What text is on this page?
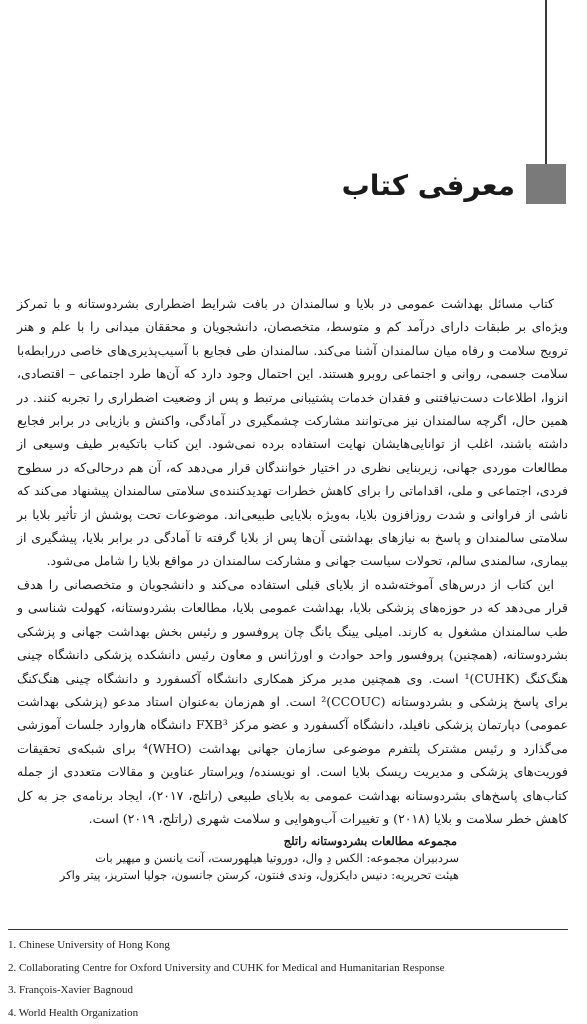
معرفی کتاب

کتاب مسائل بهداشت عمومی در بلایا و سالمندان در بافت شرایط اضطراری بشردوستانه و با تمرکز ویژه‌ای بر طبقات دارای درآمد کم و متوسط، متخصصان، دانشجویان و محققان میدانی را با علم و هنر ترویج سلامت و رفاه میان سالمندان آشنا می‌کند. سالمندان طی فجایع با آسیب‌پذیری‌های خاصی دررابطه‌با سلامت جسمی، روانی و اجتماعی روبرو هستند. این احتمال وجود دارد که آن‌ها طرد اجتماعی – اقتصادی، انزوا، اطلاعات دست‌نیافتنی و فقدان خدمات پشتیبانی مرتبط و پس از وضعیت اضطراری را تجربه کنند. در همین حال، اگرچه سالمندان نیز می‌توانند مشارکت چشمگیری در آمادگی، واکنش و بازیابی در برابر فجایع داشته باشند، اغلب از توانایی‌هایشان نهایت استفاده برده نمی‌شود. این کتاب باتکیه‌بر طیف وسیعی از مطالعات موردی جهانی، زیربنایی نظری در اختیار خوانندگان قرار می‌دهد که، آن هم درحالی‌که در سطوح فردی، اجتماعی و ملی، اقداماتی را برای کاهش خطرات تهدیدکننده‌ی سلامتی سالمندان پیشنهاد می‌کند که ناشی از فراوانی و شدت روزافزون بلایا، به‌ویژه بلایایی طبیعی‌اند. موضوعات تحت پوشش از تأثیر بلایا بر سلامتی سالمندان و پاسخ به نیازهای بهداشتی آن‌ها پس از بلایا گرفته تا آمادگی در برابر بلایا، پیشگیری از بیماری، سالمندی سالم، تحولات سیاست جهانی و مشارکت سالمندان در مواقع بلایا را شامل می‌شود.

این کتاب از درس‌های آموخته‌شده از بلایای قبلی استفاده می‌کند و دانشجویان و متخصصانی را هدف قرار می‌دهد که در حوزه‌های پزشکی بلایا، بهداشت عمومی بلایا، مطالعات بشردوستانه، کهولت شناسی و طب سالمندان مشغول به کارند. امیلی یینگ یانگ چان پروفسور و رئیس بخش بهداشت جهانی و پزشکی بشردوستانه، (همچنین) پروفسور واحد حوادث و اورژانس و معاون رئیس دانشکده پزشکی دانشگاه چینی هنگ‌کنگ (CUHK)¹ است. وی همچنین مدیر مرکز همکاری دانشگاه آکسفورد و دانشگاه چینی هنگ‌کنگ برای پاسخ پزشکی و بشردوستانه (CCOUC)² است. او هم‌زمان به‌عنوان استاد مدعو (پزشکی بهداشت عمومی) دپارتمان پزشکی نافیلد، دانشگاه آکسفورد و عضو مرکز FXB³ دانشگاه هاروارد جلسات آموزشی می‌گذارد و رئیس مشترک پلتفرم موضوعی سازمان جهانی بهداشت (WHO)⁴ برای شبکه‌ی تحقیقات فوریت‌های پزشکی و مدیریت ریسک بلایا است. او نویسنده/ ویراستار عناوین و مقالات متعددی از جمله کتاب‌های پاسخ‌های بشردوستانه بهداشت عمومی به بلایای طبیعی (راتلج، ۲۰۱۷)، ایجاد برنامه‌ی جز به کل کاهش خطر سلامت و بلایا (۲۰۱۸) و تغییرات آب‌وهوایی و سلامت شهری (راتلج، ۲۰۱۹) است.

مجموعه مطالعات بشردوستانه راتلج
سردبیران مجموعه: الکس دِ وال، دوروتیا هیلهورست، آنت یانسن و میهیر بات
هیئت تحریریه: دنیس دایکزول، وندی فنتون، کرستن جانسون، جولیا استریز، پیتر واکر
1. Chinese University of Hong Kong
2. Collaborating Centre for Oxford University and CUHK for Medical and Humanitarian Response
3. François-Xavier Bagnoud
4. World Health Organization
